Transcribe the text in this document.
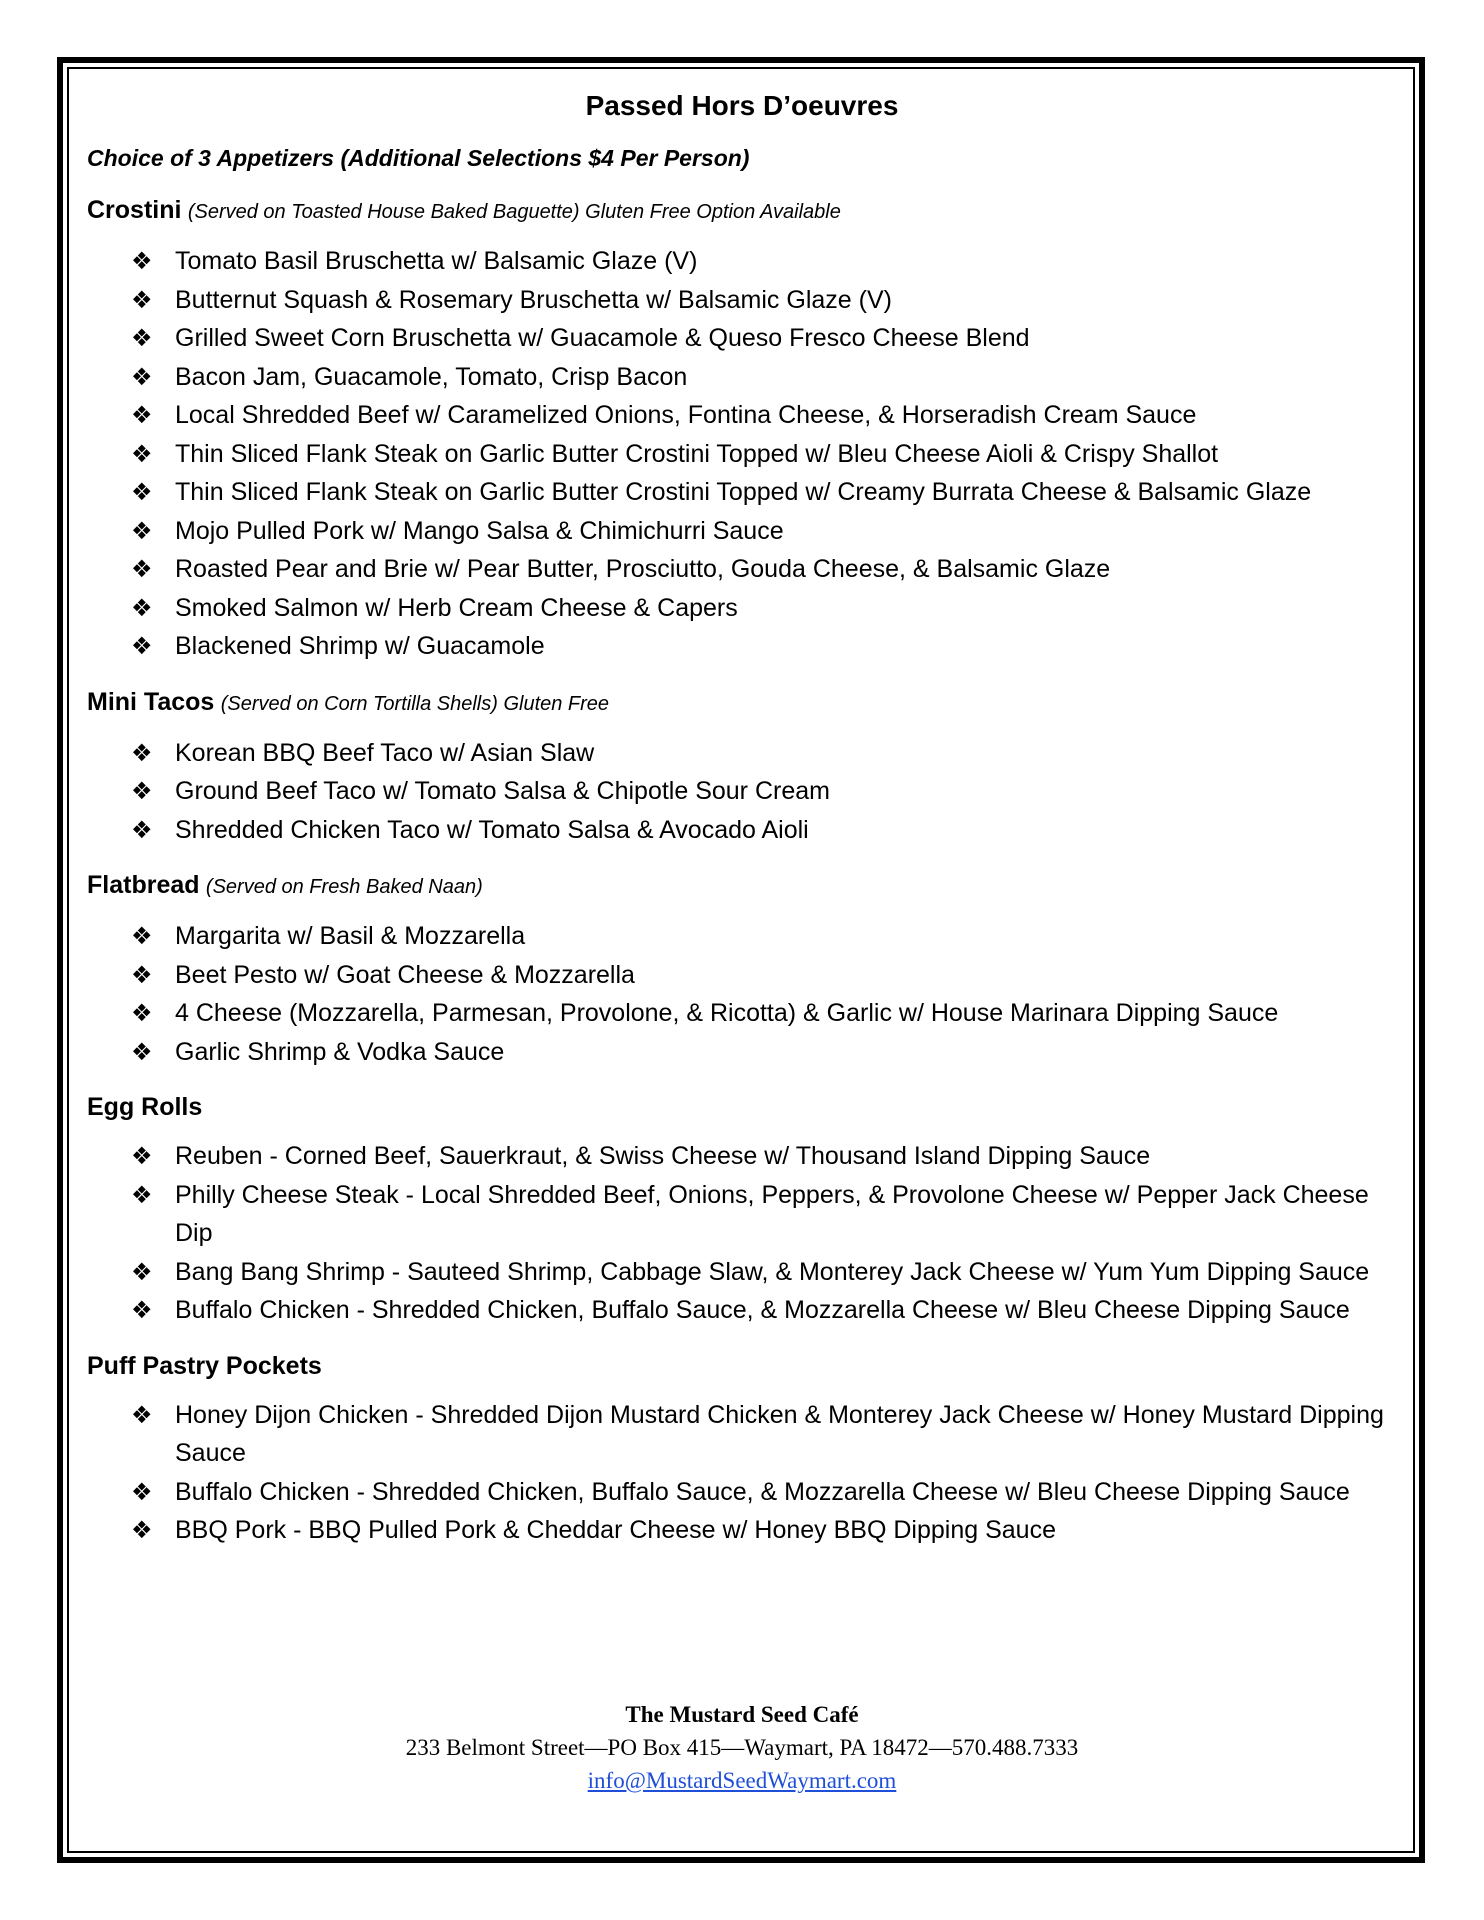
Passed Hors D’oeuvres
Choice of 3 Appetizers (Additional Selections $4 Per Person)
Crostini (Served on Toasted House Baked Baguette) Gluten Free Option Available
❖ Tomato Basil Bruschetta w/ Balsamic Glaze (V)
❖ Butternut Squash & Rosemary Bruschetta w/ Balsamic Glaze (V)
❖ Grilled Sweet Corn Bruschetta w/ Guacamole & Queso Fresco Cheese Blend
❖ Bacon Jam, Guacamole, Tomato, Crisp Bacon
❖ Local Shredded Beef w/ Caramelized Onions, Fontina Cheese, & Horseradish Cream Sauce
❖ Thin Sliced Flank Steak on Garlic Butter Crostini Topped w/ Bleu Cheese Aioli & Crispy Shallot
❖ Thin Sliced Flank Steak on Garlic Butter Crostini Topped w/ Creamy Burrata Cheese & Balsamic Glaze
❖ Mojo Pulled Pork w/ Mango Salsa & Chimichurri Sauce
❖ Roasted Pear and Brie w/ Pear Butter, Prosciutto, Gouda Cheese, & Balsamic Glaze
❖ Smoked Salmon w/ Herb Cream Cheese & Capers
❖ Blackened Shrimp w/ Guacamole
Mini Tacos (Served on Corn Tortilla Shells) Gluten Free
❖ Korean BBQ Beef Taco w/ Asian Slaw
❖ Ground Beef Taco w/ Tomato Salsa & Chipotle Sour Cream
❖ Shredded Chicken Taco w/ Tomato Salsa & Avocado Aioli
Flatbread (Served on Fresh Baked Naan)
❖ Margarita w/ Basil & Mozzarella
❖ Beet Pesto w/ Goat Cheese & Mozzarella
❖ 4 Cheese (Mozzarella, Parmesan, Provolone, & Ricotta) & Garlic w/ House Marinara Dipping Sauce
❖ Garlic Shrimp & Vodka Sauce
Egg Rolls
❖ Reuben - Corned Beef, Sauerkraut, & Swiss Cheese w/ Thousand Island Dipping Sauce
❖ Philly Cheese Steak - Local Shredded Beef, Onions, Peppers, & Provolone Cheese w/ Pepper Jack Cheese Dip
❖ Bang Bang Shrimp - Sauteed Shrimp, Cabbage Slaw, & Monterey Jack Cheese w/ Yum Yum Dipping Sauce
❖ Buffalo Chicken - Shredded Chicken, Buffalo Sauce, & Mozzarella Cheese w/ Bleu Cheese Dipping Sauce
Puff Pastry Pockets
❖ Honey Dijon Chicken - Shredded Dijon Mustard Chicken & Monterey Jack Cheese w/ Honey Mustard Dipping Sauce
❖ Buffalo Chicken - Shredded Chicken, Buffalo Sauce, & Mozzarella Cheese w/ Bleu Cheese Dipping Sauce
❖ BBQ Pork - BBQ Pulled Pork & Cheddar Cheese w/ Honey BBQ Dipping Sauce
The Mustard Seed Café
233 Belmont Street—PO Box 415—Waymart, PA 18472—570.488.7333
info@MustardSeedWaymart.com
